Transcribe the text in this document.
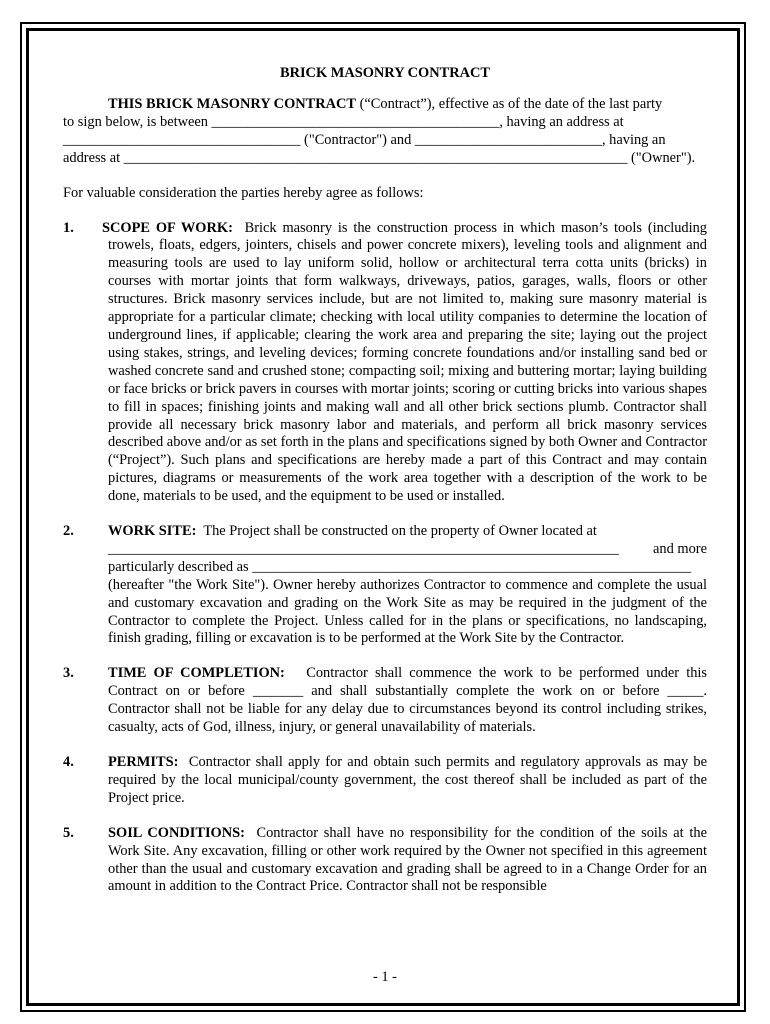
BRICK MASONRY CONTRACT

THIS BRICK MASONRY CONTRACT (“Contract”), effective as of the date of the last party
to sign below, is between ________________________________________, having an address at
_________________________________ ("Contractor") and __________________________, having an
address at ______________________________________________________________________ ("Owner").

For valuable consideration the parties hereby agree as follows:

1. SCOPE OF WORK: Brick masonry is the construction process in which mason’s tools (including trowels, floats, edgers, jointers, chisels and power concrete mixers), leveling tools and alignment and measuring tools are used to lay uniform solid, hollow or architectural terra cotta units (bricks) in courses with mortar joints that form walkways, driveways, patios, garages, walls, floors or other structures. Brick masonry services include, but are not limited to, making sure masonry material is appropriate for a particular climate; checking with local utility companies to determine the location of underground lines, if applicable; clearing the work area and preparing the site; laying out the project using stakes, strings, and leveling devices; forming concrete foundations and/or installing sand bed or washed concrete sand and crushed stone; compacting soil; mixing and buttering mortar; laying building or face bricks or brick pavers in courses with mortar joints; scoring or cutting bricks into various shapes to fill in spaces; finishing joints and making wall and all other brick sections plumb. Contractor shall provide all necessary brick masonry labor and materials, and perform all brick masonry services described above and/or as set forth in the plans and specifications signed by both Owner and Contractor (“Project”). Such plans and specifications are hereby made a part of this Contract and may contain pictures, diagrams or measurements of the work area together with a description of the work to be done, materials to be used, and the equipment to be used or installed.

2. WORK SITE: The Project shall be constructed on the property of Owner located at
_______________________________________________________________________ and more
particularly described as _____________________________________________________________
(hereafter "the Work Site"). Owner hereby authorizes Contractor to commence and complete the usual and customary excavation and grading on the Work Site as may be required in the judgment of the Contractor to complete the Project. Unless called for in the plans or specifications, no landscaping, finish grading, filling or excavation is to be performed at the Work Site by the Contractor.

3. TIME OF COMPLETION: Contractor shall commence the work to be performed under this Contract on or before _______ and shall substantially complete the work on or before _____. Contractor shall not be liable for any delay due to circumstances beyond its control including strikes, casualty, acts of God, illness, injury, or general unavailability of materials.

4. PERMITS: Contractor shall apply for and obtain such permits and regulatory approvals as may be required by the local municipal/county government, the cost thereof shall be included as part of the Project price.

5. SOIL CONDITIONS: Contractor shall have no responsibility for the condition of the soils at the Work Site. Any excavation, filling or other work required by the Owner not specified in this agreement other than the usual and customary excavation and grading shall be agreed to in a Change Order for an amount in addition to the Contract Price. Contractor shall not be responsible

- 1 -
